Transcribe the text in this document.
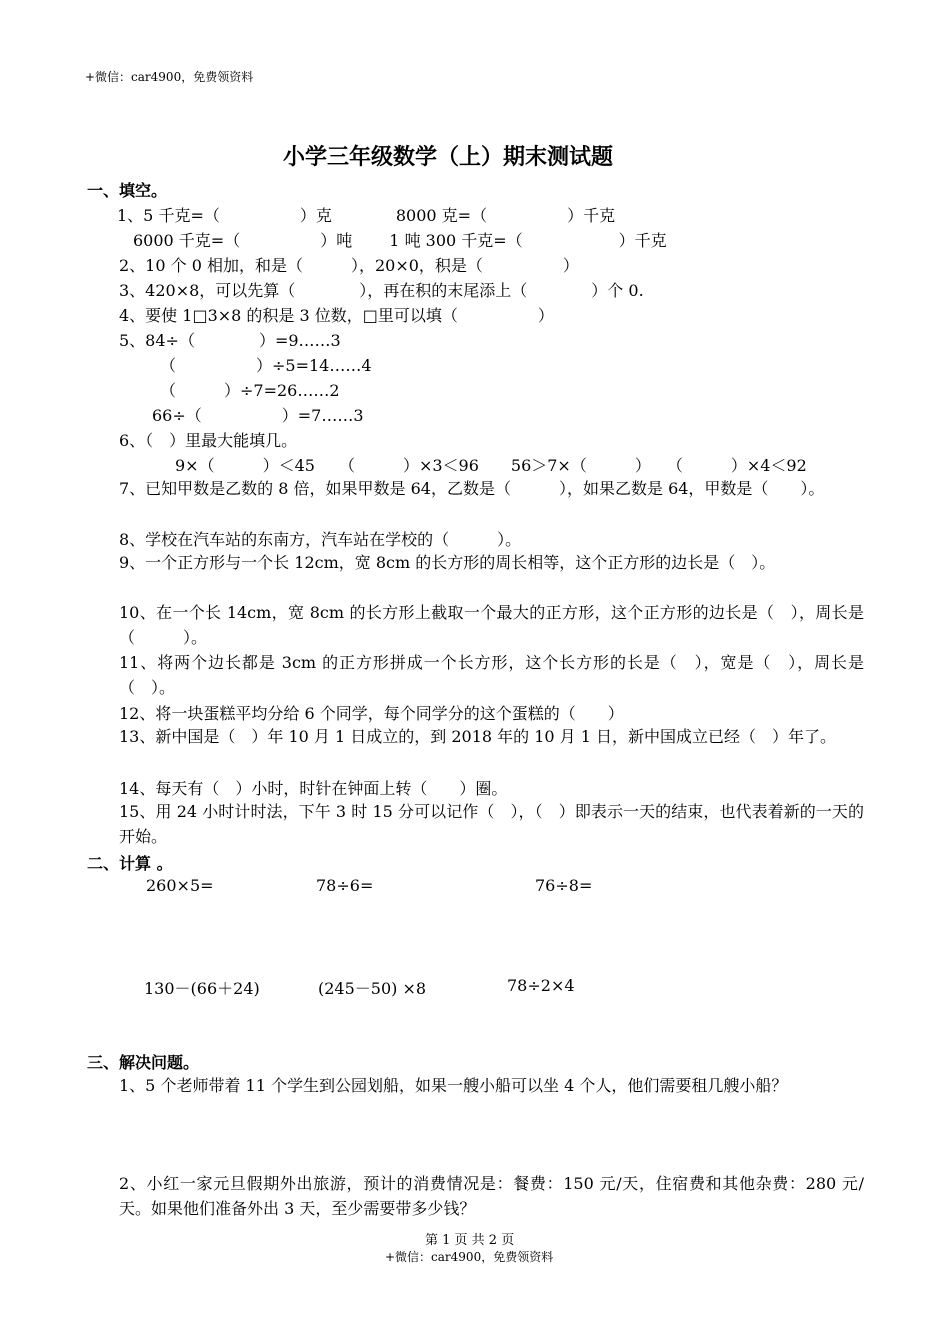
+微信：car4900，免费领资料
小学三年级数学（上）期末测试题
一、填空。
1、5 千克=（　　　　　）克　　　　8000 克=（　　　　　）千克
6000 千克=（　　　　　）吨　　 1 吨 300 千克=（　　　　　　）千克
2、10 个 0 相加，和是（　　　），20×0，积是（　　　　　）
3、420×8，可以先算（　　　　），再在积的末尾添上（　　　　）个 0.
4、要使 1□3×8 的积是 3 位数，□里可以填（　　　　　）
5、84÷（　　　　）=9……3
（　　　　　）÷5=14……4
（　　　）÷7=26……2
66÷（　　　　　）=7……3
6、（　）里最大能填几。
9×（　　　）＜45　　（　　　）×3＜96　　56＞7×（　　　）　　（　　　）×4＜92
7、已知甲数是乙数的 8 倍，如果甲数是 64，乙数是（　　　），如果乙数是 64，甲数是（　　）。
8、学校在汽车站的东南方，汽车站在学校的（　　　）。
9、一个正方形与一个长 12cm，宽 8cm 的长方形的周长相等，这个正方形的边长是（　）。
10、在一个长 14cm，宽 8cm 的长方形上截取一个最大的正方形，这个正方形的边长是（　），周长是（　　　）。
11、将两个边长都是 3cm 的正方形拼成一个长方形，这个长方形的长是（　），宽是（　），周长是（　）。
12、将一块蛋糕平均分给 6 个同学，每个同学分的这个蛋糕的（　　）
13、新中国是（　）年 10 月 1 日成立的，到 2018 年的 10 月 1 日，新中国成立已经（　）年了。
14、每天有（　）小时，时针在钟面上转（　　）圈。
15、用 24 小时计时法，下午 3 时 15 分可以记作（　），（　）即表示一天的结束，也代表着新的一天的开始。
二、计算 。
260×5=	78÷6=	76÷8=
130－(66＋24)	(245－50) ×8	78÷2×4
三、解决问题。
1、5 个老师带着 11 个学生到公园划船，如果一艘小船可以坐 4 个人，他们需要租几艘小船？
2、小红一家元旦假期外出旅游，预计的消费情况是：餐费：150 元/天，住宿费和其他杂费：280 元/天。如果他们准备外出 3 天，至少需要带多少钱？
第 1 页 共 2 页
+微信：car4900，免费领资料
